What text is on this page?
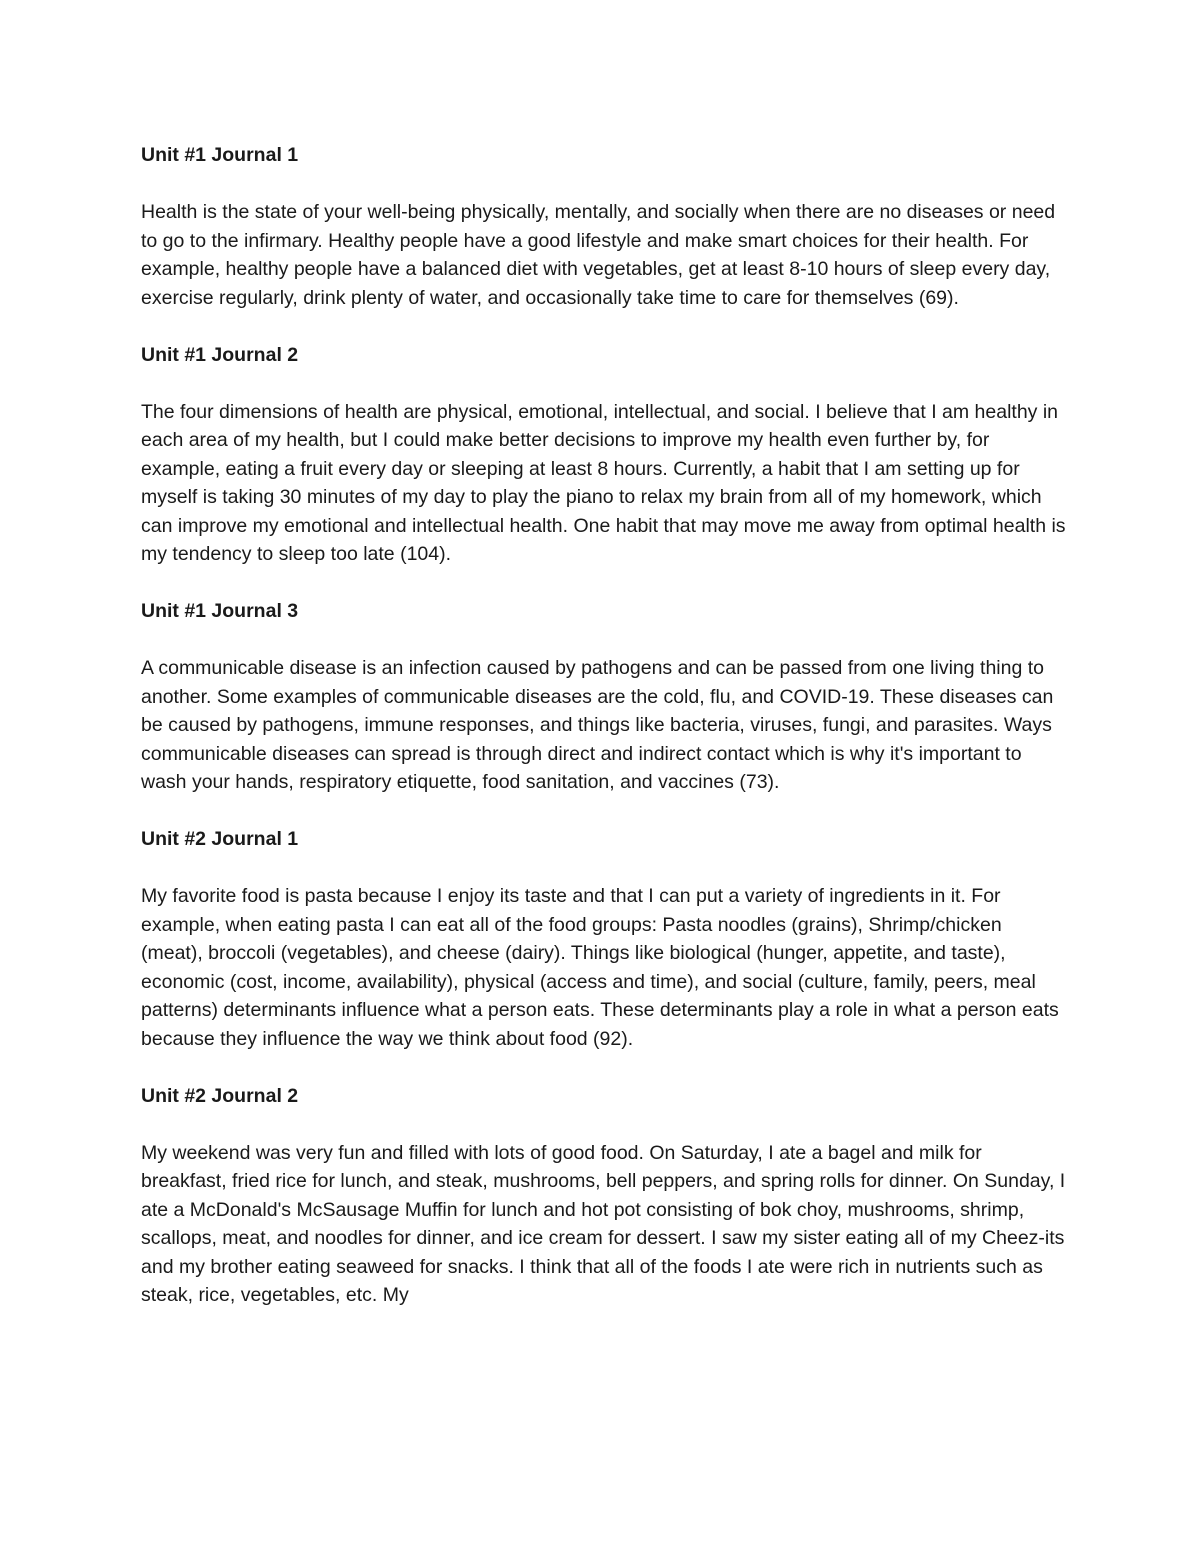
Unit #1 Journal 1

Health is the state of your well-being physically, mentally, and socially when there are no diseases or need to go to the infirmary. Healthy people have a good lifestyle and make smart choices for their health. For example, healthy people have a balanced diet with vegetables, get at least 8-10 hours of sleep every day, exercise regularly, drink plenty of water, and occasionally take time to care for themselves (69).

Unit #1 Journal 2

The four dimensions of health are physical, emotional, intellectual, and social. I believe that I am healthy in each area of my health, but I could make better decisions to improve my health even further by, for example, eating a fruit every day or sleeping at least 8 hours. Currently, a habit that I am setting up for myself is taking 30 minutes of my day to play the piano to relax my brain from all of my homework, which can improve my emotional and intellectual health. One habit that may move me away from optimal health is my tendency to sleep too late (104).

Unit #1 Journal 3

A communicable disease is an infection caused by pathogens and can be passed from one living thing to another. Some examples of communicable diseases are the cold, flu, and COVID-19. These diseases can be caused by pathogens, immune responses, and things like bacteria, viruses, fungi, and parasites. Ways communicable diseases can spread is through direct and indirect contact which is why it's important to wash your hands, respiratory etiquette, food sanitation, and vaccines (73).

Unit #2 Journal 1

My favorite food is pasta because I enjoy its taste and that I can put a variety of ingredients in it. For example, when eating pasta I can eat all of the food groups: Pasta noodles (grains), Shrimp/chicken (meat), broccoli (vegetables), and cheese (dairy). Things like biological (hunger, appetite, and taste), economic (cost, income, availability), physical (access and time), and social (culture, family, peers, meal patterns) determinants influence what a person eats. These determinants play a role in what a person eats because they influence the way we think about food (92).

Unit #2 Journal 2

My weekend was very fun and filled with lots of good food. On Saturday, I ate a bagel and milk for breakfast, fried rice for lunch, and steak, mushrooms, bell peppers, and spring rolls for dinner. On Sunday, I ate a McDonald's McSausage Muffin for lunch and hot pot consisting of bok choy, mushrooms, shrimp, scallops, meat, and noodles for dinner, and ice cream for dessert. I saw my sister eating all of my Cheez-its and my brother eating seaweed for snacks. I think that all of the foods I ate were rich in nutrients such as steak, rice, vegetables, etc. My
